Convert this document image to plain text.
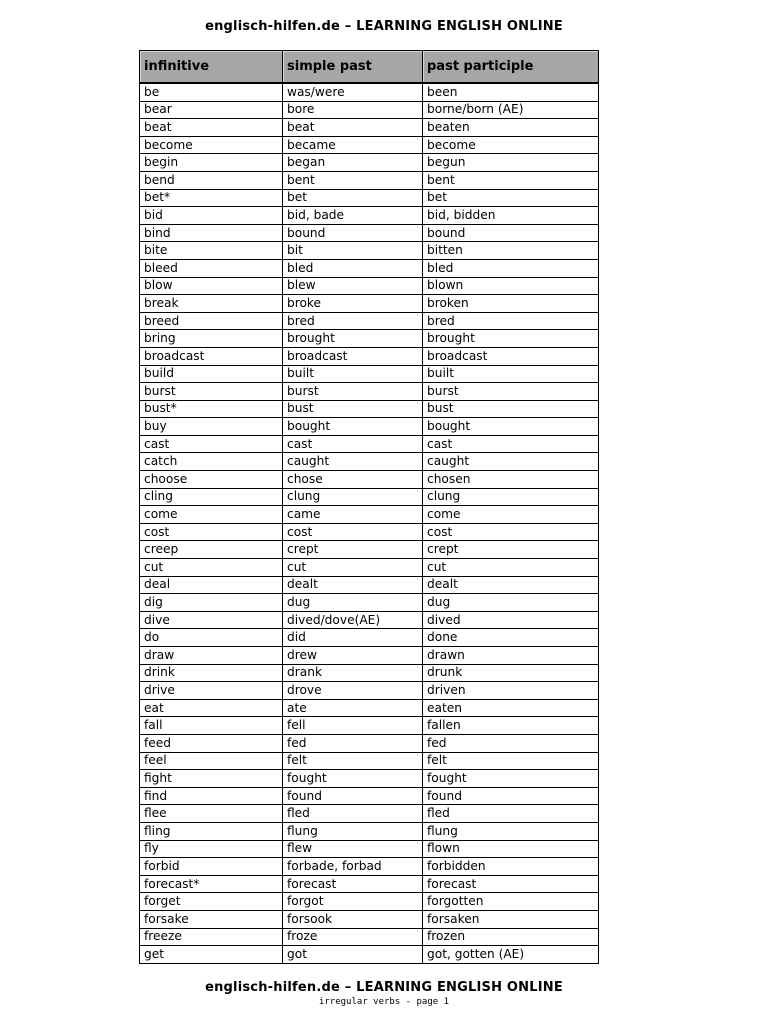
englisch-hilfen.de – LEARNING ENGLISH ONLINE
infinitive	simple past	past participle
be	was/were	been
bear	bore	borne/born (AE)
beat	beat	beaten
become	became	become
begin	began	begun
bend	bent	bent
bet*	bet	bet
bid	bid, bade	bid, bidden
bind	bound	bound
bite	bit	bitten
bleed	bled	bled
blow	blew	blown
break	broke	broken
breed	bred	bred
bring	brought	brought
broadcast	broadcast	broadcast
build	built	built
burst	burst	burst
bust*	bust	bust
buy	bought	bought
cast	cast	cast
catch	caught	caught
choose	chose	chosen
cling	clung	clung
come	came	come
cost	cost	cost
creep	crept	crept
cut	cut	cut
deal	dealt	dealt
dig	dug	dug
dive	dived/dove(AE)	dived
do	did	done
draw	drew	drawn
drink	drank	drunk
drive	drove	driven
eat	ate	eaten
fall	fell	fallen
feed	fed	fed
feel	felt	felt
fight	fought	fought
find	found	found
flee	fled	fled
fling	flung	flung
fly	flew	flown
forbid	forbade, forbad	forbidden
forecast*	forecast	forecast
forget	forgot	forgotten
forsake	forsook	forsaken
freeze	froze	frozen
get	got	got, gotten (AE)
englisch-hilfen.de – LEARNING ENGLISH ONLINE
irregular verbs - page 1
